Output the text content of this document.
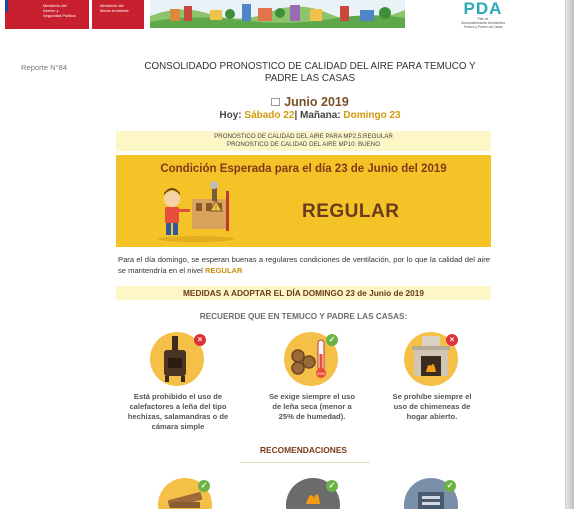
Ministerio del
Interior y
Seguridad Pública
Ministerio del
Medio Ambiente	PDA
Plan de
Descontaminación Atmosférica
Temuco y Padre Las Casas
Reporte N°84	CONSOLIDADO PRONOSTICO DE CALIDAD DEL AIRE PARA TEMUCO Y
PADRE LAS CASAS
Junio 2019
Hoy: Sábado 22| Mañana: Domingo 23
PRONOSTICO DE CALIDAD DEL AIRE PARA MP2,5:REGULAR
PRONOSTICO DE CALIDAD DEL AIRE MP10: BUENO
Condición Esperada para el día 23 de Junio del 2019
!	REGULAR
Para el día domingo, se esperan buenas a regulares condiciones de ventilación, por lo que la calidad del aire se mantendría en el nivel REGULAR
MEDIDAS A ADOPTAR EL DÍA DOMINGO 23 de Junio de 2019
RECUERDE QUE EN TEMUCO Y PADRE LAS CASAS:
×
Está prohibido el uso de
calefactores a leña del tipo
hechizas, salamandras o de
cámara simple
25%
✓
Se exige siempre el uso
de leña seca (menor a
25% de humedad).
×
Se prohíbe siempre el
uso de chimeneas de
hogar abierto.
RECOMENDACIONES
✓	✓	✓
